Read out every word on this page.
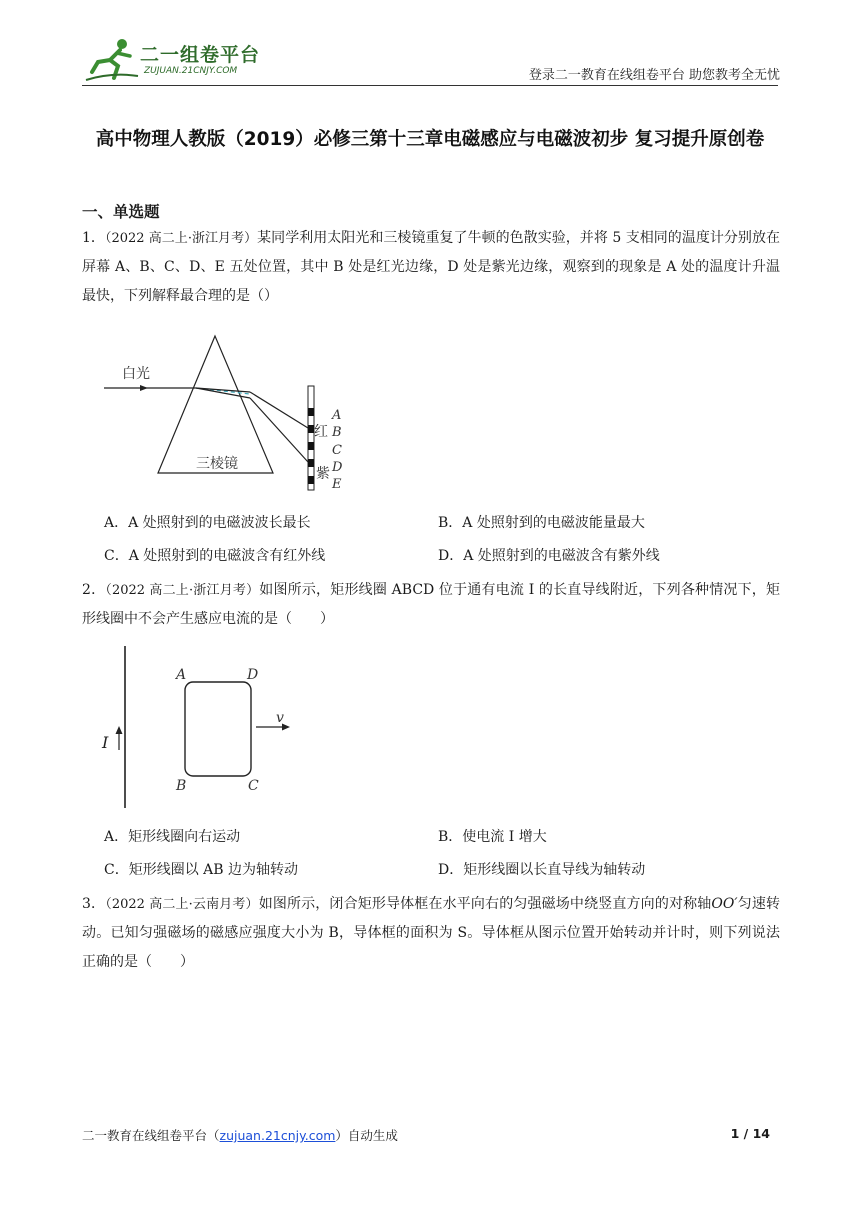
二一组卷平台
ZUJUAN.21CNJY.COM	登录二一教育在线组卷平台 助您教考全无忧
高中物理人教版（2019）必修三第十三章电磁感应与电磁波初步 复习提升原创卷
一、单选题
1．（2022 高二上·浙江月考）某同学利用太阳光和三棱镜重复了牛顿的色散实验，并将 5 支相同的温度计分别放在屏幕 A、B、C、D、E 五处位置，其中 B 处是红光边缘，D 处是紫光边缘，观察到的现象是 A 处的温度计升温最快，下列解释最合理的是（）
白光
三棱镜
红
紫
A
B
C
D
E
A．A 处照射到的电磁波波长最长	B．A 处照射到的电磁波能量最大
C．A 处照射到的电磁波含有红外线	D．A 处照射到的电磁波含有紫外线
2．（2022 高二上·浙江月考）如图所示，矩形线圈 ABCD 位于通有电流 I 的长直导线附近，下列各种情况下，矩形线圈中不会产生感应电流的是（　　）
I
A	D
B	C
v
A．矩形线圈向右运动	B．使电流 I 增大
C．矩形线圈以 AB 边为轴转动	D．矩形线圈以长直导线为轴转动
3．（2022 高二上·云南月考）如图所示，闭合矩形导体框在水平向右的匀强磁场中绕竖直方向的对称轴OO′匀速转动。已知匀强磁场的磁感应强度大小为 B，导体框的面积为 S。导体框从图示位置开始转动并计时，则下列说法正确的是（　　）
二一教育在线组卷平台（zujuan.21cnjy.com）自动生成	1 / 14
